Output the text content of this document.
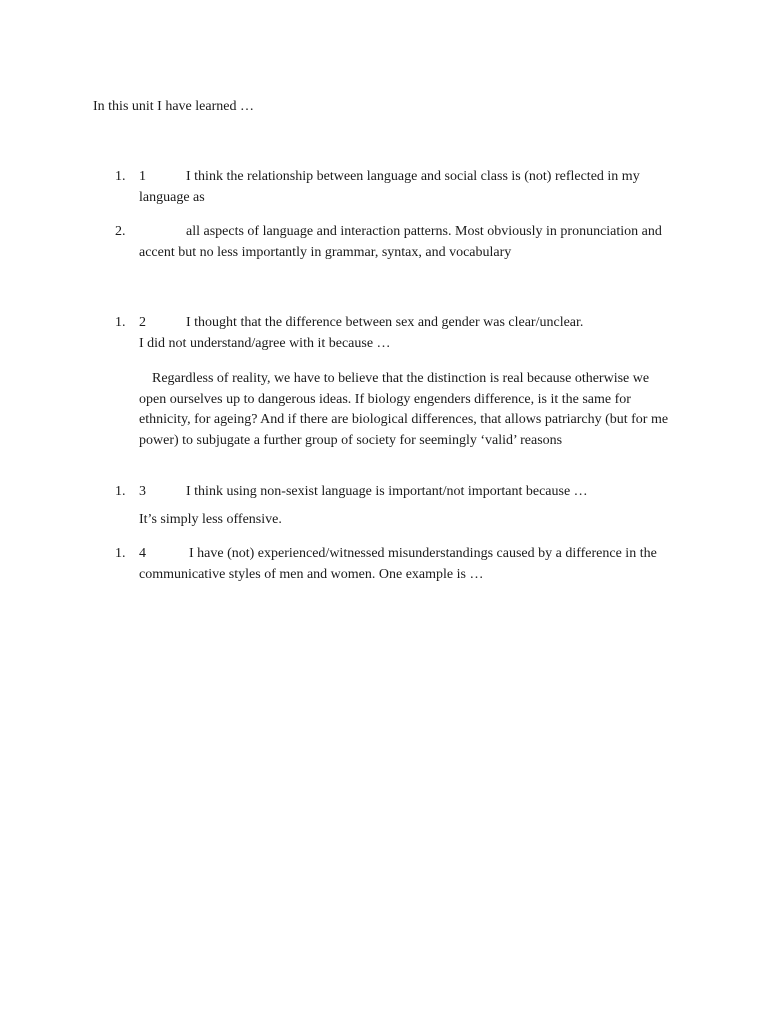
In this unit I have learned …
1. 1	I think the relationship between language and social class is (not) reflected in my language as
2.	all aspects of language and interaction patterns. Most obviously in pronunciation and accent but no less importantly in grammar, syntax, and vocabulary
1. 2	I thought that the difference between sex and gender was clear/unclear.
I did not understand/agree with it because …
Regardless of reality, we have to believe that the distinction is real because otherwise we open ourselves up to dangerous ideas. If biology engenders difference, is it the same for ethnicity, for ageing? And if there are biological differences, that allows patriarchy (but for me power) to subjugate a further group of society for seemingly ‘valid’ reasons
1. 3	I think using non-sexist language is important/not important because …
It’s simply less offensive.
1. 4	I have (not) experienced/witnessed misunderstandings caused by a difference in the communicative styles of men and women. One example is …
